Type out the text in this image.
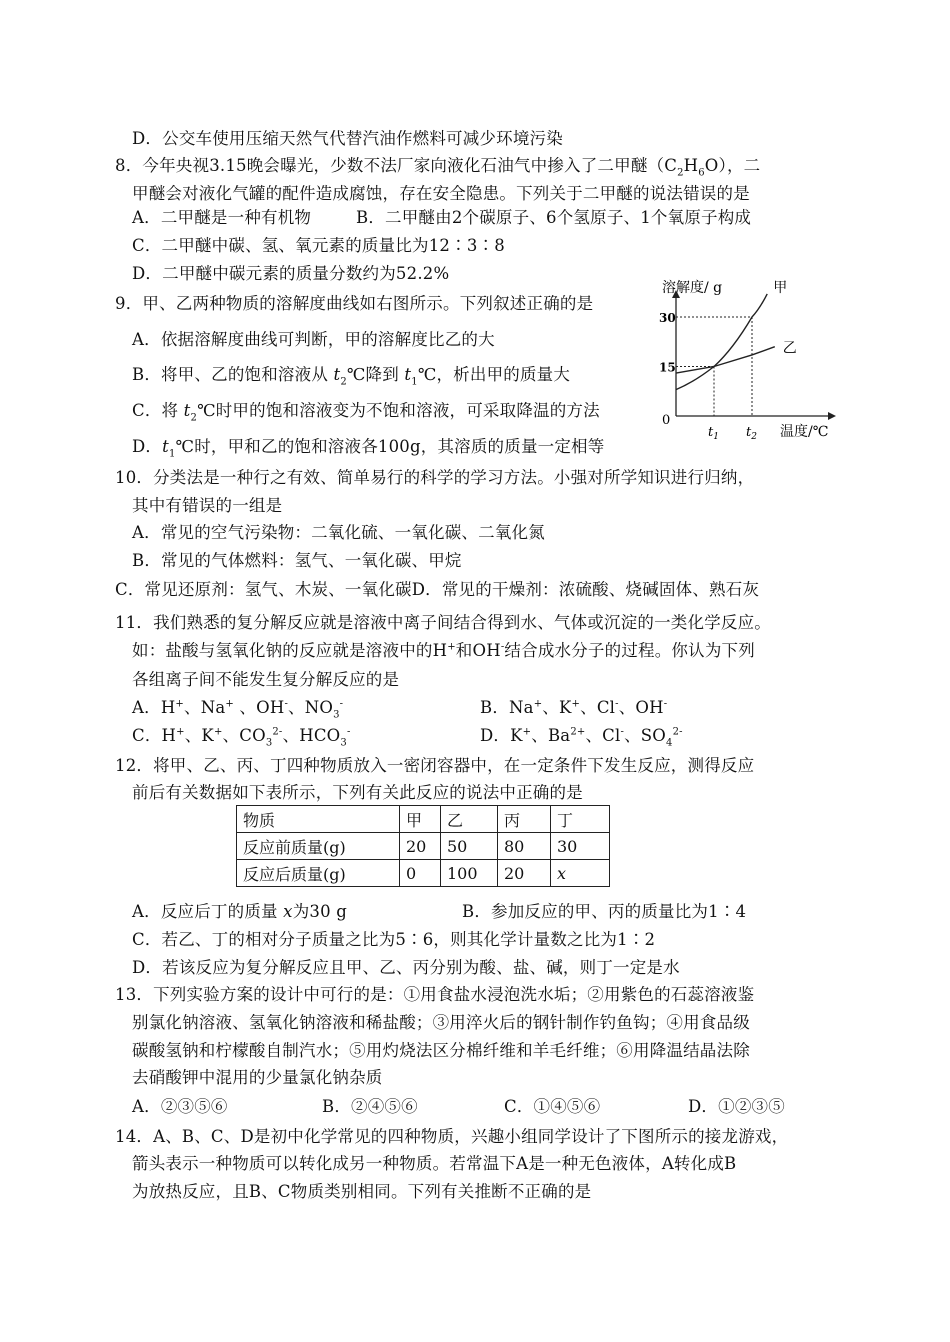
D．公交车使用压缩天然气代替汽油作燃料可减少环境污染
8．今年央视3.15晚会曝光，少数不法厂家向液化石油气中掺入了二甲醚$(C_2H_6O)$，二
甲醚会对液化气罐的配件造成腐蚀，存在安全隐患。下列关于二甲醚的说法错误的是
A．二甲醚是一种有机物	B．二甲醚由2个碳原子、6个氢原子、1个氧原子构成
C．二甲醚中碳、氢、氧元素的质量比为12∶3∶8
D．二甲醚中碳元素的质量分数约为52.2%
9．甲、乙两种物质的溶解度曲线如右图所示。下列叙述正确的是
A．依据溶解度曲线可判断，甲的溶解度比乙的大
B．将甲、乙的饱和溶液从 $t_2℃$降到 $t_1℃$，析出甲的质量大
C．将 $t_2℃$时甲的饱和溶液变为不饱和溶液，可采取降温的方法
D．$t_1℃$时，甲和乙的饱和溶液各100g，其溶质的质量一定相等
溶解度/ g
温度/℃
0
甲
乙
15
30
$t_1$ $t_2$
10．分类法是一种行之有效、简单易行的科学的学习方法。小强对所学知识进行归纳，
其中有错误的一组是
A．常见的空气污染物：二氧化硫、一氧化碳、二氧化氮
B．常见的气体燃料：氢气、一氧化碳、甲烷
C．常见还原剂：氢气、木炭、一氧化碳D．常见的干燥剂：浓硫酸、烧碱固体、熟石灰
11．我们熟悉的复分解反应就是溶液中离子间结合得到水、气体或沉淀的一类化学反应。
如：盐酸与氢氧化钠的反应就是溶液中的H+和OH-结合成水分子的过程。你认为下列
各组离子间不能发生复分解反应的是
A．H+、Na+ 、OH-、$NO_3^-$	B．Na+、K+、Cl-、OH-
C．H+、K+、$CO_3^{2-}$、$HCO_3^-$	D．K+、$Ba^{2+}$、Cl-、$SO_4^{2-}$
12．将甲、乙、丙、丁四种物质放入一密闭容器中，在一定条件下发生反应，测得反应
前后有关数据如下表所示，下列有关此反应的说法中正确的是
物质	甲	乙	丙	丁
反应前质量(g)	20	50	80	30
反应后质量(g)	0	100	20	x
A．反应后丁的质量 x为30 g	B．参加反应的甲、丙的质量比为1∶4
C．若乙、丁的相对分子质量之比为5∶6，则其化学计量数之比为1∶2
D．若该反应为复分解反应且甲、乙、丙分别为酸、盐、碱，则丁一定是水
13．下列实验方案的设计中可行的是：①用食盐水浸泡洗水垢；②用紫色的石蕊溶液鉴
别氯化钠溶液、氢氧化钠溶液和稀盐酸；③用淬火后的钢针制作钓鱼钩；④用食品级
碳酸氢钠和柠檬酸自制汽水；⑤用灼烧法区分棉纤维和羊毛纤维；⑥用降温结晶法除
去硝酸钾中混用的少量氯化钠杂质
A．②③⑤⑥	B．②④⑤⑥	C．①④⑤⑥	D．①②③⑤
14．A、B、C、D是初中化学常见的四种物质，兴趣小组同学设计了下图所示的接龙游戏，
箭头表示一种物质可以转化成另一种物质。若常温下A是一种无色液体，A转化成B
为放热反应，且B、C物质类别相同。下列有关推断不正确的是
